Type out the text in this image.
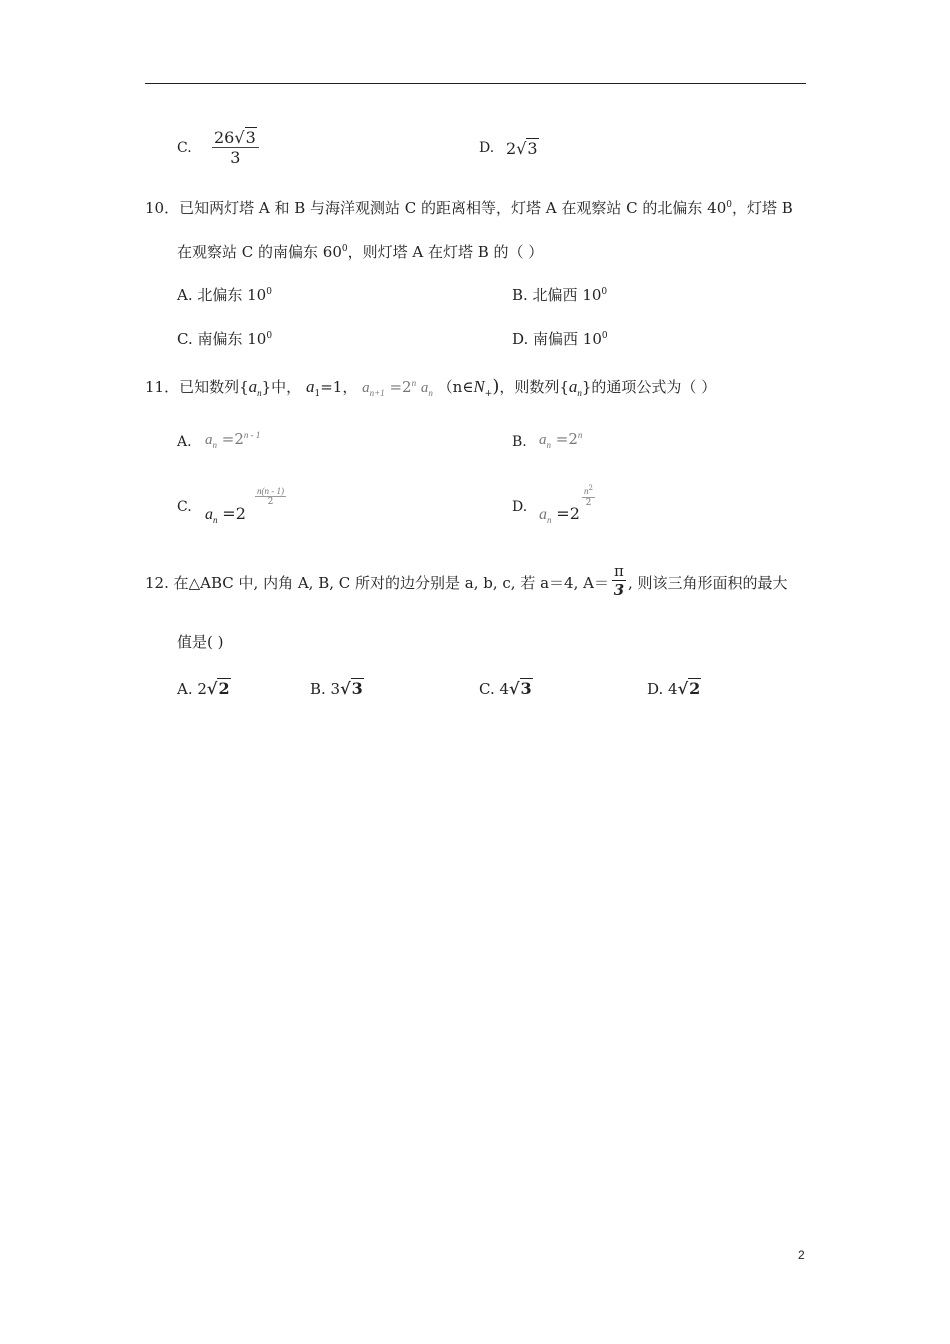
C. $\frac{26√3}{3}$	D. 2√3
10．已知两灯塔 A 和 B 与海洋观测站 C 的距离相等，灯塔 A 在观察站 C 的北偏东 $40^0$，灯塔 B
在观察站 C 的南偏东 $60^0$，则灯塔 A 在灯塔 B 的（ ）
A. 北偏东 $10^0$	B. 北偏西 $10^0$
C. 南偏东 $10^0$	D. 南偏西 $10^0$
11．已知数列$\{a_n\}$中， $a_1=1$， $a_{n+1} =2^n$ $a_n$ $(n\in N_+)$，则数列$\{a_n\}$的通项公式为（ ）
A. $a_n =2^{n - 1}$	B. $a_n =2^n$
C. $a_n =2$
$\frac{n(n - 1)}{2}$	D. $a_n =2$
$n^2$
2
12. 在△ABC 中, 内角 A, B, C 所对的边分别是 a, b, c, 若 a＝4, A＝
π
3 , 则该三角形面积的最大
值是( )
A. 2√2	B. 3√3	C. 4√3	D. 4√2
2
